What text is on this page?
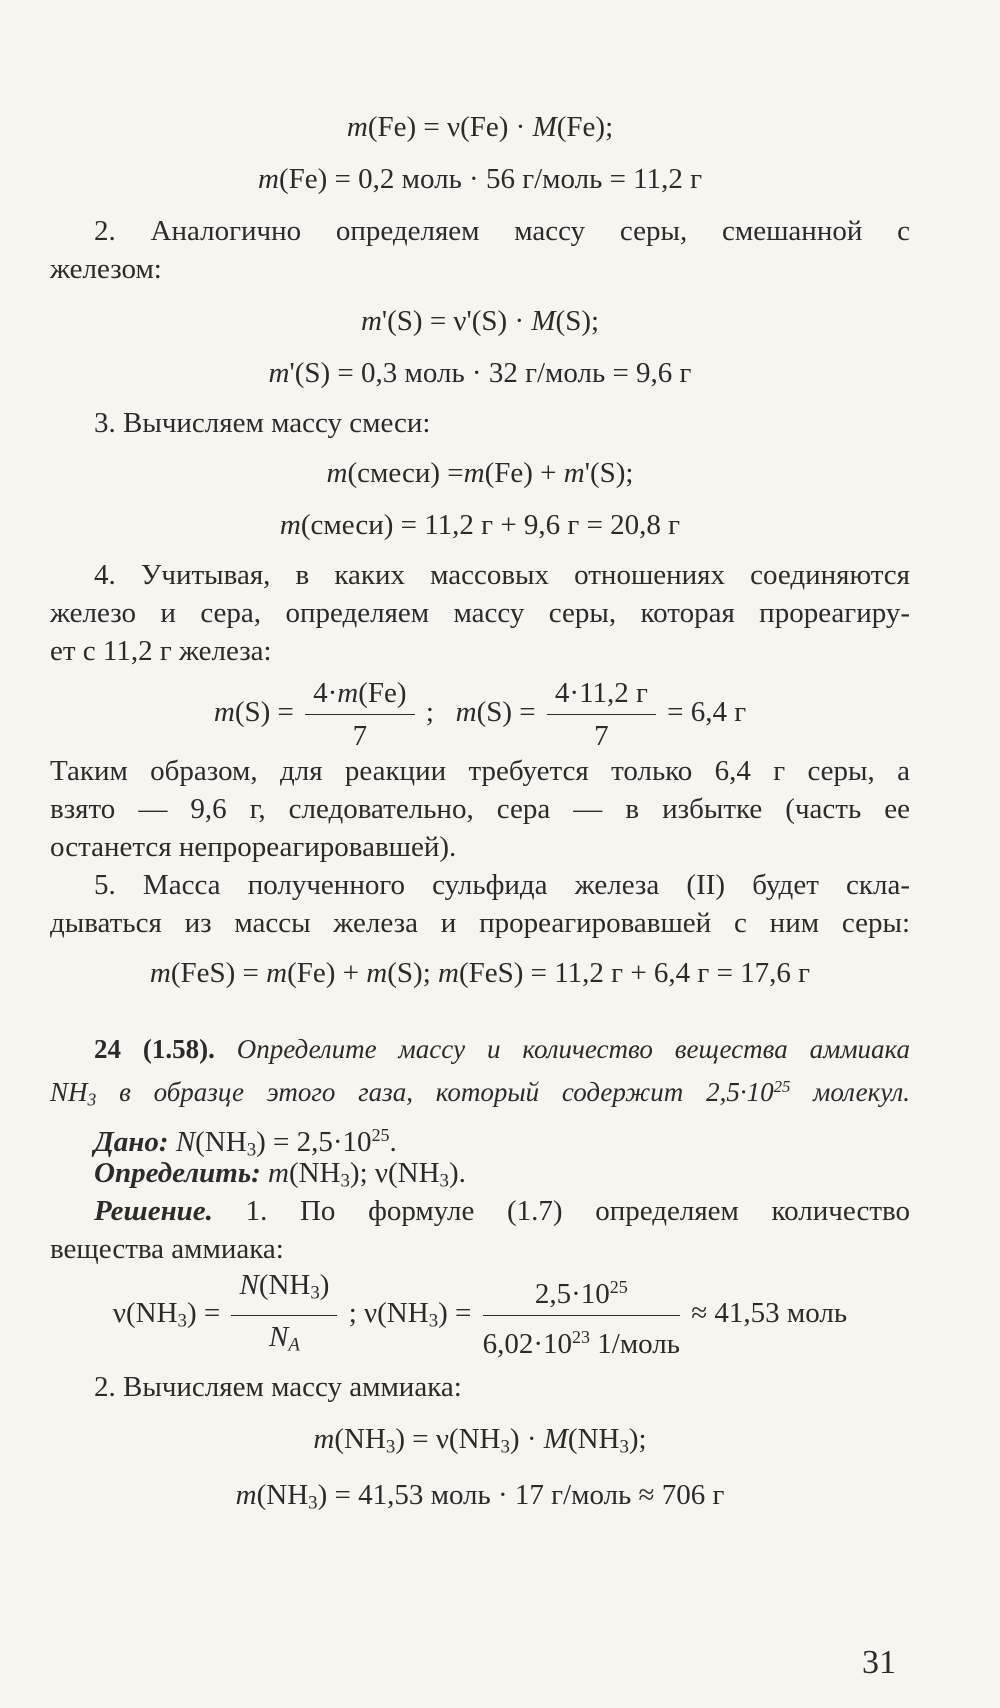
m(Fe) = ν(Fe) · M(Fe);
m(Fe) = 0,2 моль · 56 г/моль = 11,2 г
2. Аналогично определяем массу серы, смешанной с
железом:
m'(S) = ν'(S) · M(S);
m'(S) = 0,3 моль · 32 г/моль = 9,6 г
3. Вычисляем массу смеси:
m(смеси) =m(Fe) + m'(S);
m(смеси) = 11,2 г + 9,6 г = 20,8 г
4. Учитывая, в каких массовых отношениях соединяются
железо и сера, определяем массу серы, которая прореагиру-
ет с 11,2 г железа:
$m(S) = \frac{4\cdot m(Fe)}{7}$ ; $m(S) = \frac{4\cdot 11,2 г}{7} = 6,4$ г
Таким образом, для реакции требуется только 6,4 г серы, а
взято — 9,6 г, следовательно, сера — в избытке (часть ее
останется непрореагировавшей).
5. Масса полученного сульфида железа (II) будет скла-
дываться из массы железа и прореагировавшей с ним серы:
m(FeS) = m(Fe) + m(S); m(FeS) = 11,2 г + 6,4 г = 17,6 г
24 (1.58). Определите массу и количество вещества аммиака
$NH_3$ в образце этого газа, который содержит $2,5\cdot 10^{25}$ молекул.
Дано: $N(NH_3) = 2,5\cdot 10^{25}$.
Определить: $m(NH_3)$; $\nu(NH_3)$.
Решение. 1. По формуле (1.7) определяем количество
вещества аммиака:
$\nu(NH_3) = \frac{N(NH_3)}{N_A}$ ; $\nu(NH_3) = \frac{2,5\cdot 10^{25}}{6,02\cdot 10^{23} 1/моль} \approx 41,53$ моль
2. Вычисляем массу аммиака:
$m(NH_3) = \nu(NH_3) \cdot M(NH_3)$;
$m(NH_3) = 41,53$ моль · 17 г/моль ≈ 706 г
31
